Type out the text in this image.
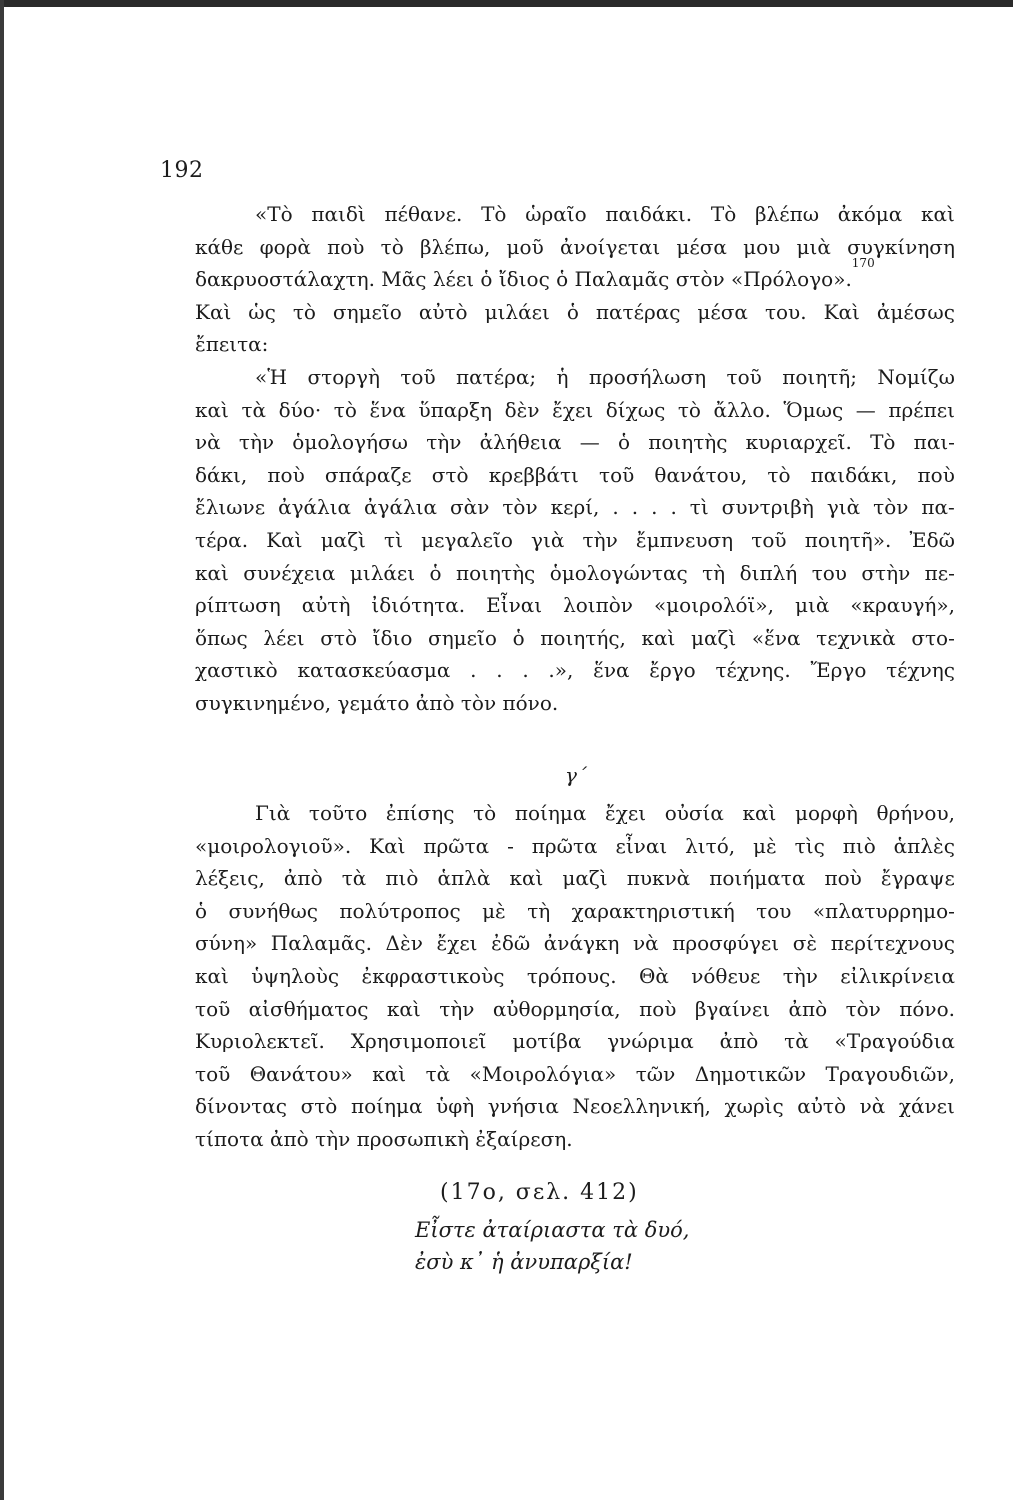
192
«Τὸ παιδὶ πέθανε. Τὸ ὡραῖο παιδάκι. Τὸ βλέπω ἀκόμα καὶ
κάθε φορὰ ποὺ τὸ βλέπω, μοῦ ἀνοίγεται μέσα μου μιὰ συγκίνηση
δακρυοστάλαχτη. Μᾶς λέει ὁ ἴδιος ὁ Παλαμᾶς στὸν «Πρόλογο».
170
Καὶ ὡς τὸ σημεῖο αὐτὸ μιλάει ὁ πατέρας μέσα του. Καὶ ἀμέσως
ἔπειτα:
«Ἡ στοργὴ τοῦ πατέρα; ἡ προσήλωση τοῦ ποιητῆ; Νομίζω
καὶ τὰ δύο· τὸ ἕνα ὕπαρξη δὲν ἔχει δίχως τὸ ἄλλο. Ὅμως — πρέπει
νὰ τὴν ὁμολογήσω τὴν ἀλήθεια — ὁ ποιητὴς κυριαρχεῖ. Τὸ παι-
δάκι, ποὺ σπάραζε στὸ κρεββάτι τοῦ θανάτου, τὸ παιδάκι, ποὺ
ἔλιωνε ἀγάλια ἀγάλια σὰν τὸν κερί, . . . . τὶ συντριβὴ γιὰ τὸν πα-
τέρα. Καὶ μαζὶ τὶ μεγαλεῖο γιὰ τὴν ἔμπνευση τοῦ ποιητῆ». Ἐδῶ
καὶ συνέχεια μιλάει ὁ ποιητὴς ὁμολογώντας τὴ διπλή του στὴν πε-
ρίπτωση αὐτὴ ἰδιότητα. Εἶναι λοιπὸν «μοιρολόϊ», μιὰ «κραυγή»,
ὅπως λέει στὸ ἴδιο σημεῖο ὁ ποιητής, καὶ μαζὶ «ἕνα τεχνικὰ στο-
χαστικὸ κατασκεύασμα . . . .», ἕνα ἔργο τέχνης. Ἔργο τέχνης
συγκινημένο, γεμάτο ἀπὸ τὸν πόνο.
γ΄
Γιὰ τοῦτο ἐπίσης τὸ ποίημα ἔχει οὐσία καὶ μορφὴ θρήνου,
«μοιρολογιοῦ». Καὶ πρῶτα - πρῶτα εἶναι λιτό, μὲ τὶς πιὸ ἁπλὲς
λέξεις, ἀπὸ τὰ πιὸ ἁπλὰ καὶ μαζὶ πυκνὰ ποιήματα ποὺ ἔγραψε
ὁ συνήθως πολύτροπος μὲ τὴ χαρακτηριστική του «πλατυρρημο-
σύνη» Παλαμᾶς. Δὲν ἔχει ἐδῶ ἀνάγκη νὰ προσφύγει σὲ περίτεχνους
καὶ ὑψηλοὺς ἐκφραστικοὺς τρόπους. Θὰ νόθευε τὴν εἰλικρίνεια
τοῦ αἰσθήματος καὶ τὴν αὐθορμησία, ποὺ βγαίνει ἀπὸ τὸν πόνο.
Κυριολεκτεῖ. Χρησιμοποιεῖ μοτίβα γνώριμα ἀπὸ τὰ «Τραγούδια
τοῦ Θανάτου» καὶ τὰ «Μοιρολόγια» τῶν Δημοτικῶν Τραγουδιῶν,
δίνοντας στὸ ποίημα ὑφὴ γνήσια Νεοελληνική, χωρὶς αὐτὸ νὰ χάνει
τίποτα ἀπὸ τὴν προσωπικὴ ἐξαίρεση.
(17ο, σελ. 412)
Εἶστε ἀταίριαστα τὰ δυό,
ἐσὺ κ᾿ ἡ ἀνυπαρξία!
